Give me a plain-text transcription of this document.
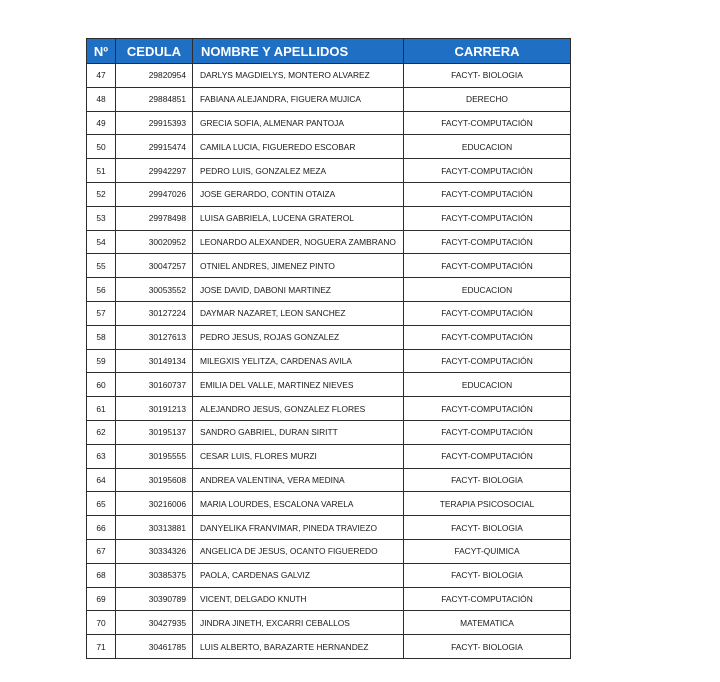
Nº	CEDULA	NOMBRE Y APELLIDOS	CARRERA
47	29820954	DARLYS MAGDIELYS, MONTERO ALVAREZ	FACYT- BIOLOGIA
48	29884851	FABIANA ALEJANDRA, FIGUERA MUJICA	DERECHO
49	29915393	GRECIA SOFIA, ALMENAR PANTOJA	FACYT-COMPUTACIÓN
50	29915474	CAMILA LUCIA, FIGUEREDO ESCOBAR	EDUCACION
51	29942297	PEDRO LUIS, GONZALEZ MEZA	FACYT-COMPUTACIÓN
52	29947026	JOSE GERARDO, CONTIN OTAIZA	FACYT-COMPUTACIÓN
53	29978498	LUISA GABRIELA, LUCENA GRATEROL	FACYT-COMPUTACIÓN
54	30020952	LEONARDO ALEXANDER, NOGUERA ZAMBRANO	FACYT-COMPUTACIÓN
55	30047257	OTNIEL ANDRES, JIMENEZ PINTO	FACYT-COMPUTACIÓN
56	30053552	JOSE DAVID, DABONI MARTINEZ	EDUCACION
57	30127224	DAYMAR NAZARET, LEON SANCHEZ	FACYT-COMPUTACIÓN
58	30127613	PEDRO JESUS, ROJAS GONZALEZ	FACYT-COMPUTACIÓN
59	30149134	MILEGXIS YELITZA, CARDENAS AVILA	FACYT-COMPUTACIÓN
60	30160737	EMILIA DEL VALLE, MARTINEZ NIEVES	EDUCACION
61	30191213	ALEJANDRO JESUS, GONZALEZ FLORES	FACYT-COMPUTACIÓN
62	30195137	SANDRO GABRIEL, DURAN SIRITT	FACYT-COMPUTACIÓN
63	30195555	CESAR LUIS, FLORES MURZI	FACYT-COMPUTACIÓN
64	30195608	ANDREA VALENTINA, VERA MEDINA	FACYT- BIOLOGIA
65	30216006	MARIA LOURDES, ESCALONA VARELA	TERAPIA PSICOSOCIAL
66	30313881	DANYELIKA FRANVIMAR, PINEDA TRAVIEZO	FACYT- BIOLOGIA
67	30334326	ANGELICA DE JESUS, OCANTO FIGUEREDO	FACYT-QUIMICA
68	30385375	PAOLA, CARDENAS GALVIZ	FACYT- BIOLOGIA
69	30390789	VICENT, DELGADO KNUTH	FACYT-COMPUTACIÓN
70	30427935	JINDRA JINETH, EXCARRI CEBALLOS	MATEMATICA
71	30461785	LUIS ALBERTO, BARAZARTE HERNANDEZ	FACYT- BIOLOGIA
